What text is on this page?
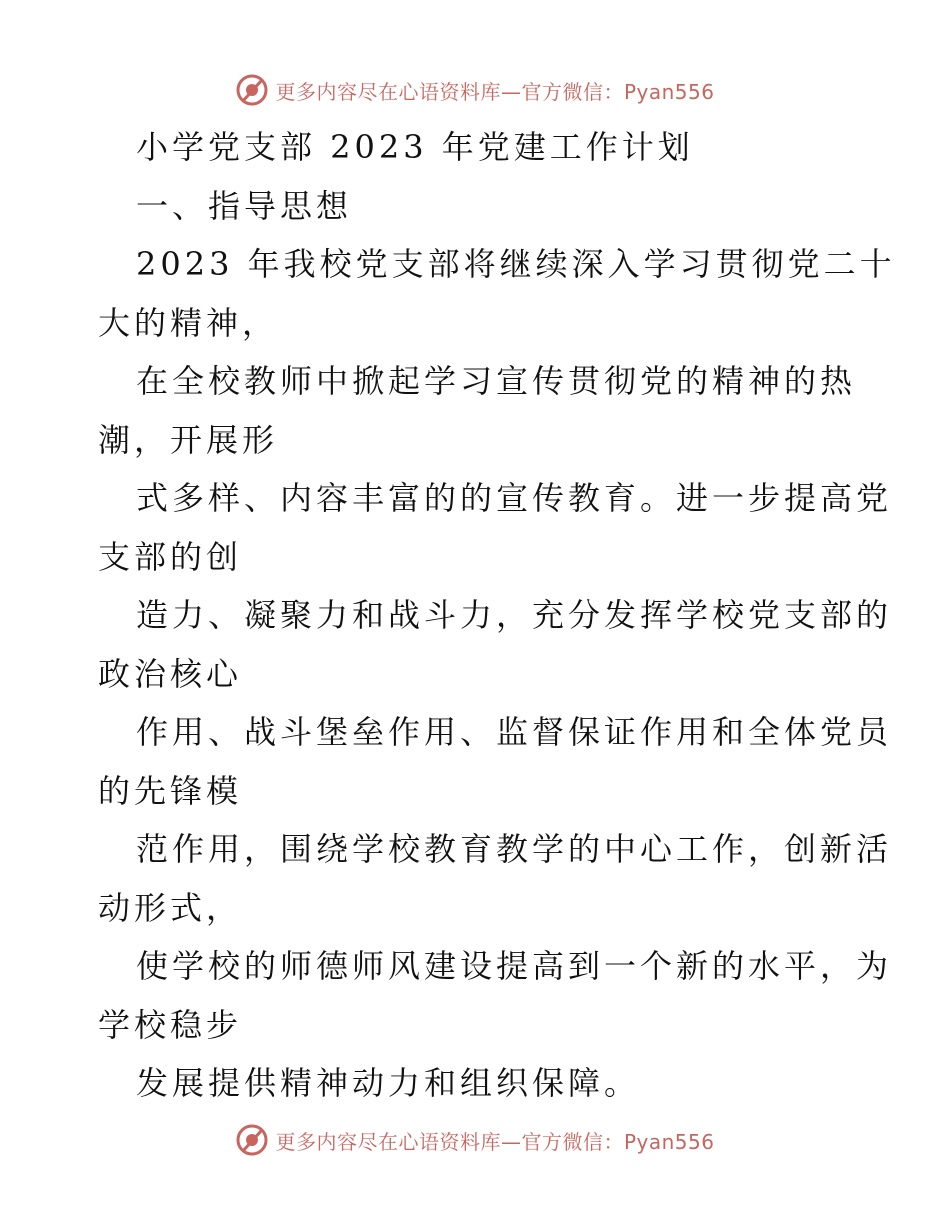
更多内容尽在心语资料库—官方微信：Pyan556
小学党支部 2023 年党建工作计划
一、指导思想
2023 年我校党支部将继续深入学习贯彻党二十
大的精神，
在全校教师中掀起学习宣传贯彻党的精神的热
潮，开展形
式多样、内容丰富的的宣传教育。进一步提高党
支部的创
造力、凝聚力和战斗力，充分发挥学校党支部的
政治核心
作用、战斗堡垒作用、监督保证作用和全体党员
的先锋模
范作用，围绕学校教育教学的中心工作，创新活
动形式，
使学校的师德师风建设提高到一个新的水平，为
学校稳步
发展提供精神动力和组织保障。
更多内容尽在心语资料库—官方微信：Pyan556
